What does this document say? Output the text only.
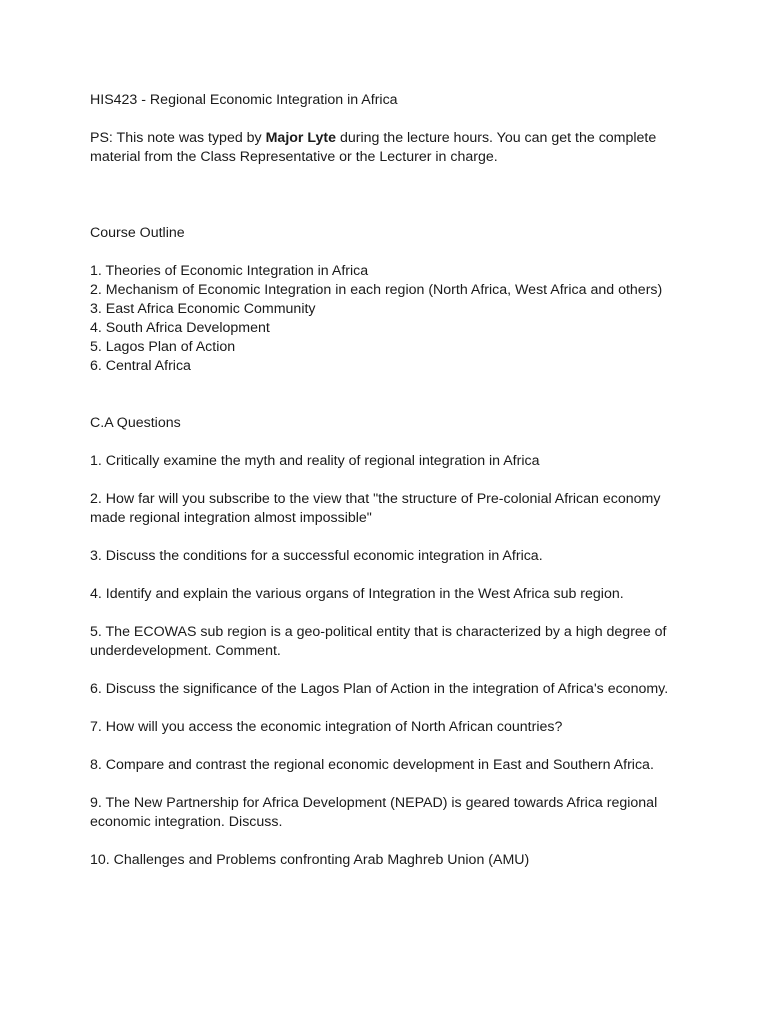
HIS423 - Regional Economic Integration in Africa

PS: This note was typed by Major Lyte during the lecture hours. You can get the complete

material from the Class Representative or the Lecturer in charge.

Course Outline

1. Theories of Economic Integration in Africa

2. Mechanism of Economic Integration in each region (North Africa, West Africa and others)

3. East Africa Economic Community

4. South Africa Development

5. Lagos Plan of Action

6. Central Africa

C.A Questions

1. Critically examine the myth and reality of regional integration in Africa

2. How far will you subscribe to the view that "the structure of Pre-colonial African economy

made regional integration almost impossible"

3. Discuss the conditions for a successful economic integration in Africa.

4. Identify and explain the various organs of Integration in the West Africa sub region.

5. The ECOWAS sub region is a geo-political entity that is characterized by a high degree of

underdevelopment. Comment.

6. Discuss the significance of the Lagos Plan of Action in the integration of Africa's economy.

7. How will you access the economic integration of North African countries?

8. Compare and contrast the regional economic development in East and Southern Africa.

9. The New Partnership for Africa Development (NEPAD) is geared towards Africa regional

economic integration. Discuss.

10. Challenges and Problems confronting Arab Maghreb Union (AMU)
